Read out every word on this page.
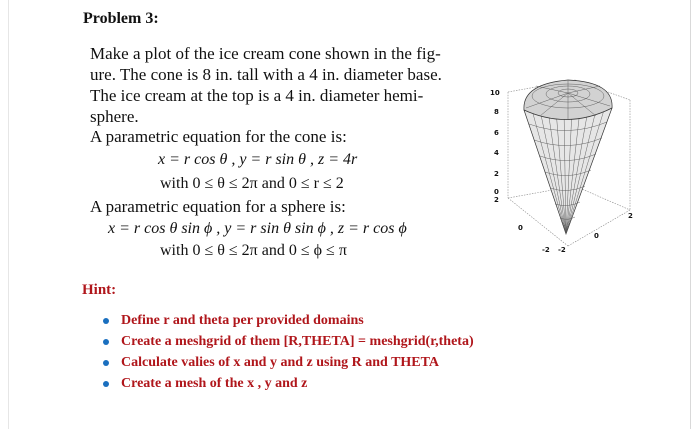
Problem 3:
Make a plot of the ice cream cone shown in the fig-
ure. The cone is 8 in. tall with a 4 in. diameter base.
The ice cream at the top is a 4 in. diameter hemi-
sphere.
A parametric equation for the cone is:
x = r cos θ , y = r sin θ , z = 4r
with 0 ≤ θ ≤ 2π and 0 ≤ r ≤ 2
A parametric equation for a sphere is:
x = r cos θ sin ϕ , y = r sin θ sin ϕ , z = r cos ϕ
with 0 ≤ θ ≤ 2π and 0 ≤ ϕ ≤ π
Hint:
Define r and theta per provided domains
Create a meshgrid of them [R,THETA] = meshgrid(r,theta)
Calculate valies of x and y and z using R and THETA
Create a mesh of the x , y and z
10
8
6
4
2
0
2
2
0
0
-2 -2
